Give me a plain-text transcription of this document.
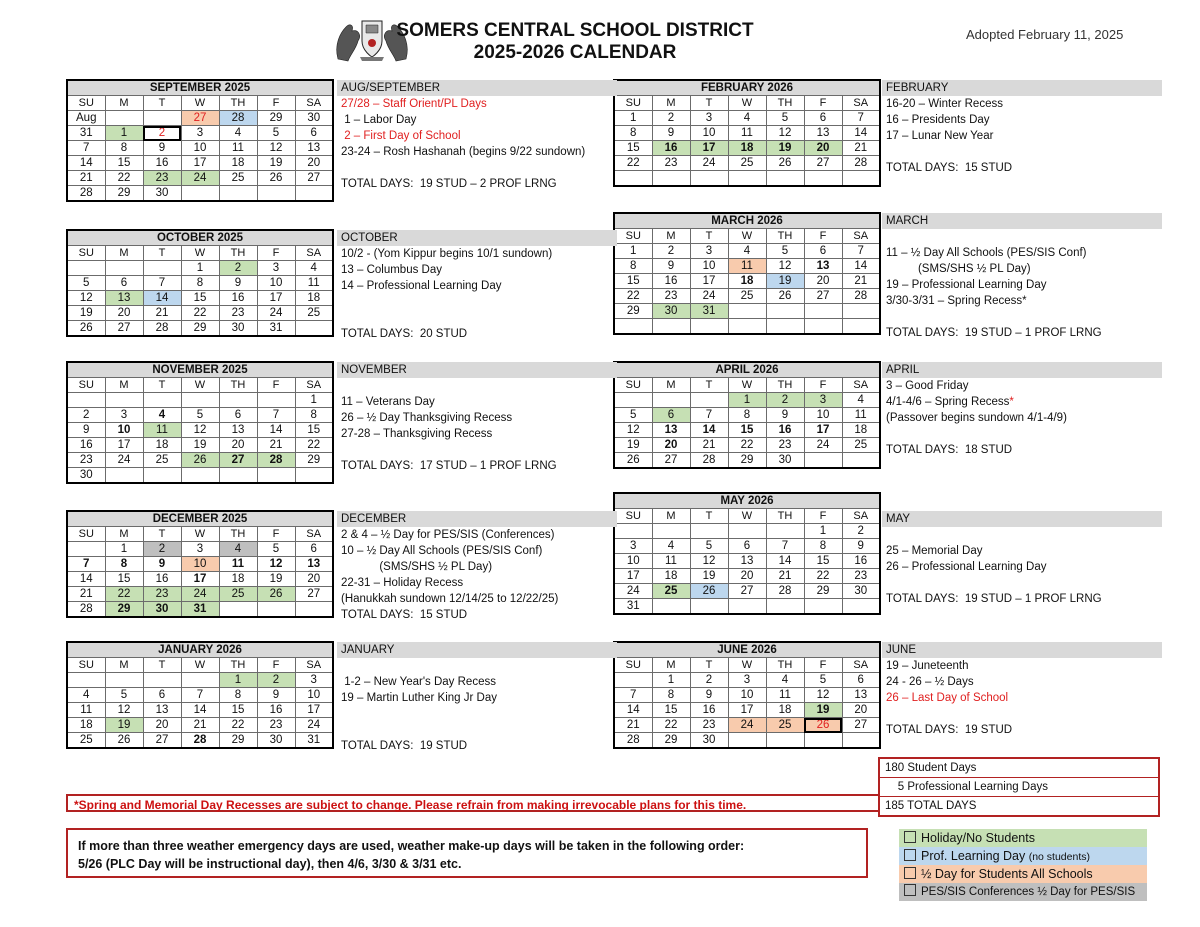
SOMERS CENTRAL SCHOOL DISTRICT
2025-2026 CALENDAR
Adopted February 11, 2025
SEPTEMBER 2025						
SU	M	T	W	TH	F	SA
Aug			27	28	29	30
31	1	2	3	4	5	6
7	8	9	10	11	12	13
14	15	16	17	18	19	20
21	22	23	24	25	26	27
28	29	30				
OCTOBER 2025						
SU	M	T	W	TH	F	SA
			1	2	3	4
5	6	7	8	9	10	11
12	13	14	15	16	17	18
19	20	21	22	23	24	25
26	27	28	29	30	31	
NOVEMBER 2025						
SU	M	T	W	TH	F	SA
						1
2	3	4	5	6	7	8
9	10	11	12	13	14	15
16	17	18	19	20	21	22
23	24	25	26	27	28	29
30						
DECEMBER 2025						
SU	M	T	W	TH	F	SA
	1	2	3	4	5	6
7	8	9	10	11	12	13
14	15	16	17	18	19	20
21	22	23	24	25	26	27
28	29	30	31			
JANUARY 2026						
SU	M	T	W	TH	F	SA
				1	2	3
4	5	6	7	8	9	10
11	12	13	14	15	16	17
18	19	20	21	22	23	24
25	26	27	28	29	30	31
FEBRUARY 2026						
SU	M	T	W	TH	F	SA
1	2	3	4	5	6	7
8	9	10	11	12	13	14
15	16	17	18	19	20	21
22	23	24	25	26	27	28

MARCH 2026						
SU	M	T	W	TH	F	SA
1	2	3	4	5	6	7
8	9	10	11	12	13	14
15	16	17	18	19	20	21
22	23	24	25	26	27	28
29	30	31				

APRIL 2026						
SU	M	T	W	TH	F	SA
			1	2	3	4
5	6	7	8	9	10	11
12	13	14	15	16	17	18
19	20	21	22	23	24	25
26	27	28	29	30		
MAY 2026						
SU	M	T	W	TH	F	SA
					1	2
3	4	5	6	7	8	9
10	11	12	13	14	15	16
17	18	19	20	21	22	23
24	25	26	27	28	29	30
31						
JUNE 2026						
SU	M	T	W	TH	F	SA
	1	2	3	4	5	6
7	8	9	10	11	12	13
14	15	16	17	18	19	20
21	22	23	24	25	26	27
28	29	30				
AUG/SEPTEMBER
27/28 – Staff Orient/PL Days
1 – Labor Day
2 – First Day of School
23-24 – Rosh Hashanah (begins 9/22 sundown)
TOTAL DAYS:  19 STUD – 2 PROF LRNG
OCTOBER
10/2 - (Yom Kippur begins 10/1 sundown)
13 – Columbus Day
14 – Professional Learning Day
TOTAL DAYS:  20 STUD
NOVEMBER
11 – Veterans Day
26 – ½ Day Thanksgiving Recess
27-28 – Thanksgiving Recess
TOTAL DAYS:  17 STUD – 1 PROF LRNG
DECEMBER
2 & 4 – ½ Day for PES/SIS (Conferences)
10 – ½ Day All Schools (PES/SIS Conf)
(SMS/SHS ½ PL Day)
22-31 – Holiday Recess
(Hanukkah sundown 12/14/25 to 12/22/25)
TOTAL DAYS:  15 STUD
JANUARY
1-2 – New Year's Day Recess
19 – Martin Luther King Jr Day
TOTAL DAYS:  19 STUD
FEBRUARY
16-20 – Winter Recess
16 – Presidents Day
17 – Lunar New Year
TOTAL DAYS:  15 STUD
MARCH
11 – ½ Day All Schools (PES/SIS Conf)
(SMS/SHS ½ PL Day)
19 – Professional Learning Day
3/30-3/31 – Spring Recess*
TOTAL DAYS:  19 STUD – 1 PROF LRNG
APRIL
3 – Good Friday
4/1-4/6 – Spring Recess*
(Passover begins sundown 4/1-4/9)
TOTAL DAYS:  18 STUD
MAY
25 – Memorial Day
26 – Professional Learning Day
TOTAL DAYS:  19 STUD – 1 PROF LRNG
JUNE
19 – Juneteenth
24 - 26 – ½ Days
26 – Last Day of School
TOTAL DAYS:  19 STUD
180 Student Days
5 Professional Learning Days
185 TOTAL DAYS
*Spring and Memorial Day Recesses are subject to change. Please refrain from making irrevocable plans for this time.
If more than three weather emergency days are used, weather make-up days will be taken in the following order:
5/26 (PLC Day will be instructional day), then 4/6, 3/30 & 3/31 etc.
Holiday/No Students
Prof. Learning Day (no students)
½ Day for Students All Schools
PES/SIS Conferences ½ Day for PES/SIS
